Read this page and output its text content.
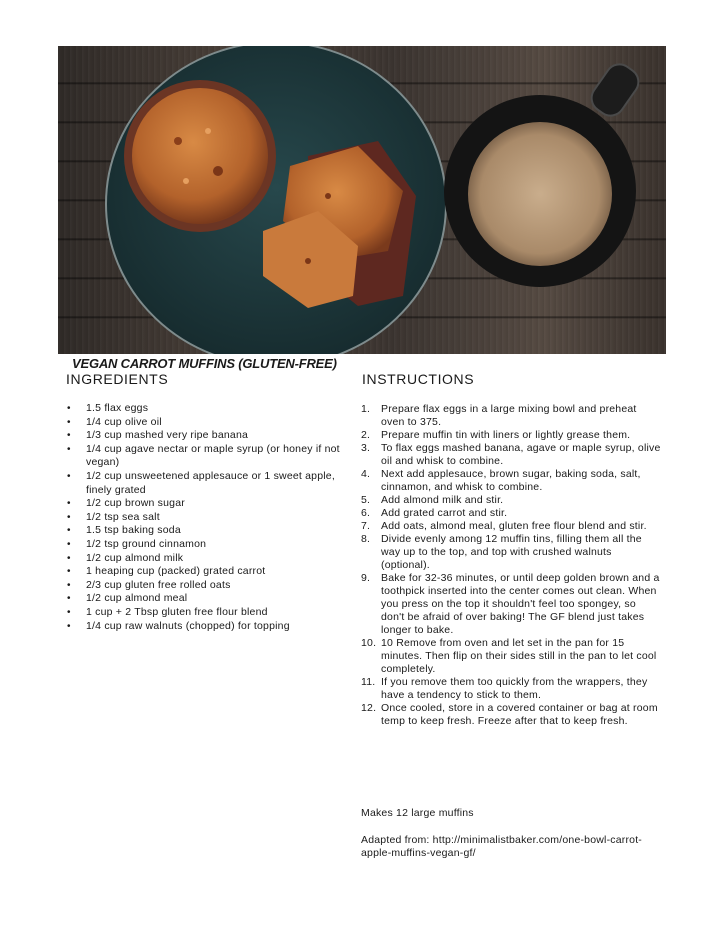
VEGAN CARROT MUFFINS (GLUTEN-FREE)
INGREDIENTS	INSTRUCTIONS
• 1.5 flax eggs
• 1/4 cup olive oil
• 1/3 cup mashed very ripe banana
• 1/4 cup agave nectar or maple syrup (or honey if not vegan)
• 1/2 cup unsweetened applesauce or 1 sweet apple, finely grated
• 1/2 cup brown sugar
• 1/2 tsp sea salt
• 1.5 tsp baking soda
• 1/2 tsp ground cinnamon
• 1/2 cup almond milk
• 1 heaping cup (packed) grated carrot
• 2/3 cup gluten free rolled oats
• 1/2 cup almond meal
• 1 cup + 2 Tbsp gluten free flour blend
• 1/4 cup raw walnuts (chopped) for topping
1. Prepare flax eggs in a large mixing bowl and preheat oven to 375.
2. Prepare muffin tin with liners or lightly grease them.
3. To flax eggs mashed banana, agave or maple syrup, olive oil and whisk to combine.
4. Next add applesauce, brown sugar, baking soda, salt, cinnamon, and whisk to combine.
5. Add almond milk and stir.
6. Add grated carrot and stir.
7. Add oats, almond meal, gluten free flour blend and stir.
8. Divide evenly among 12 muffin tins, filling them all the way up to the top, and top with crushed walnuts (optional).
9. Bake for 32-36 minutes, or until deep golden brown and a toothpick inserted into the center comes out clean. When you press on the top it shouldn't feel too spongey, so don't be afraid of over baking! The GF blend just takes longer to bake.
10. 10 Remove from oven and let set in the pan for 15 minutes. Then flip on their sides still in the pan to let cool completely.
11. If you remove them too quickly from the wrappers, they have a tendency to stick to them.
12. Once cooled, store in a covered container or bag at room temp to keep fresh. Freeze after that to keep fresh.

Makes 12 large muffins

Adapted from: http://minimalistbaker.com/one-bowl-carrot-apple-muffins-vegan-gf/
